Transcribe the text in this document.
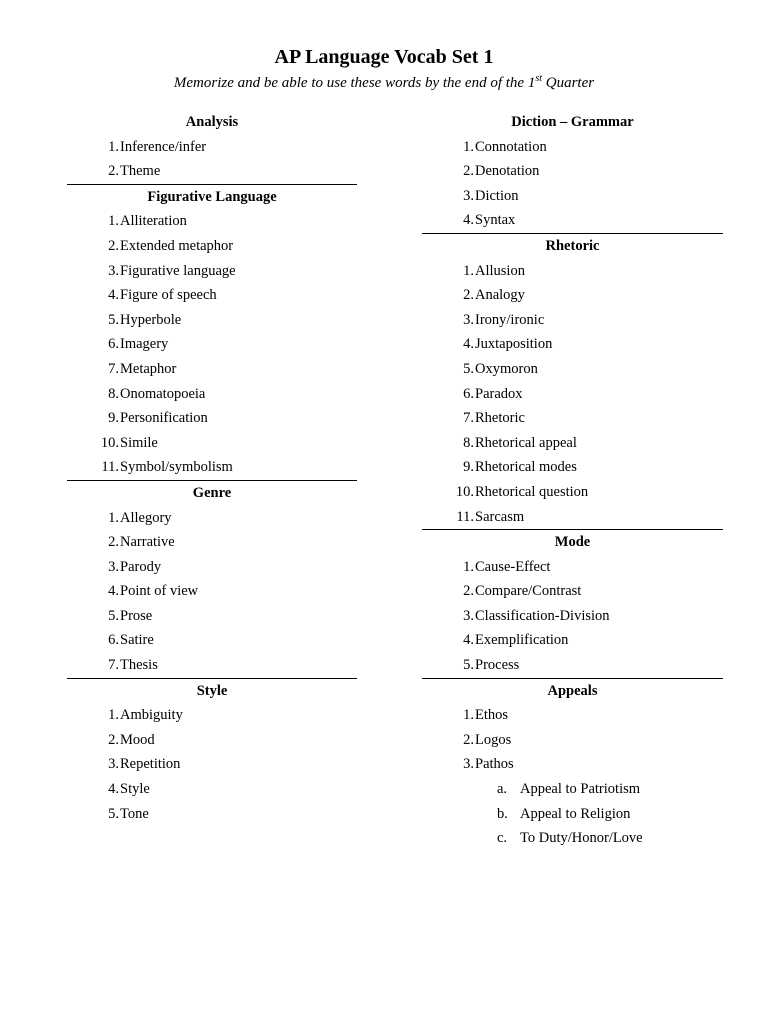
AP Language Vocab Set 1
Memorize and be able to use these words by the end of the 1st Quarter
Analysis
1. Inference/infer
2. Theme
Figurative Language
1. Alliteration
2. Extended metaphor
3. Figurative language
4. Figure of speech
5. Hyperbole
6. Imagery
7. Metaphor
8. Onomatopoeia
9. Personification
10. Simile
11. Symbol/symbolism
Genre
1. Allegory
2. Narrative
3. Parody
4. Point of view
5. Prose
6. Satire
7. Thesis
Style
1. Ambiguity
2. Mood
3. Repetition
4. Style
5. Tone
Diction – Grammar
1. Connotation
2. Denotation
3. Diction
4. Syntax
Rhetoric
1. Allusion
2. Analogy
3. Irony/ironic
4. Juxtaposition
5. Oxymoron
6. Paradox
7. Rhetoric
8. Rhetorical appeal
9. Rhetorical modes
10. Rhetorical question
11. Sarcasm
Mode
1. Cause-Effect
2. Compare/Contrast
3. Classification-Division
4. Exemplification
5. Process
Appeals
1. Ethos
2. Logos
3. Pathos
a. Appeal to Patriotism
b. Appeal to Religion
c. To Duty/Honor/Love
